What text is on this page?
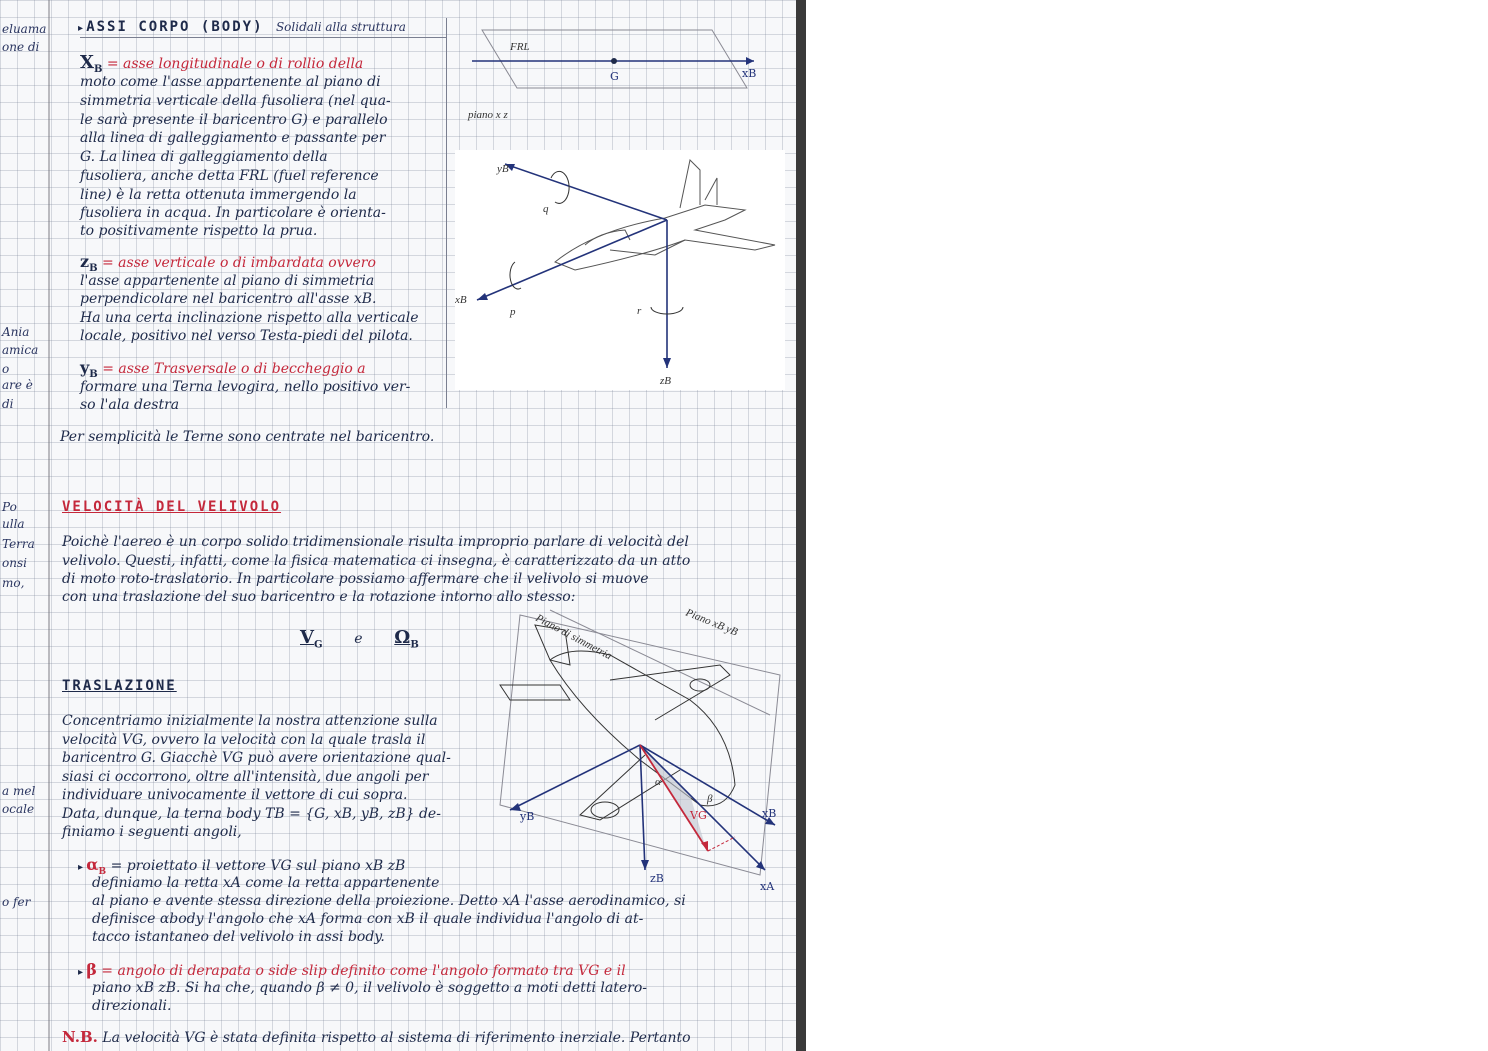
eluama
one di
Ania
amica
o
are è
di
Po
ulla
Terra
onsi
mo,
a mel
ocale
o fer
▸ ASSI CORPO (BODY) Solidali alla struttura
$X_B$ = asse longitudinale o di rollio della
moto come l'asse appartenente al piano di
simmetria verticale della fusoliera (nel qua-
le sarà presente il baricentro G) e parallelo
alla linea di galleggiamento e passante per
G. La linea di galleggiamento della
fusoliera, anche detta FRL (fuel reference
line) è la retta ottenuta immergendo la
fusoliera in acqua. In particolare è orienta-
to positivamente rispetto la prua.
$z_B$ = asse verticale o di imbardata ovvero
l'asse appartenente al piano di simmetria
perpendicolare nel baricentro all'asse xB.
Ha una certa inclinazione rispetto alla verticale
locale, positivo nel verso Testa-piedi del pilota.
$y_B$ = asse Trasversale o di beccheggio a
formare una Terna levogira, nello positivo ver-
so l'ala destra
Per semplicità le Terne sono centrate nel baricentro.
FRL
G	xB
piano x z
yB
q
xB
p	r
zB
VELOCITÀ DEL VELIVOLO
Poichè l'aereo è un corpo solido tridimensionale risulta improprio parlare di velocità del
velivolo. Questi, infatti, come la fisica matematica ci insegna, è caratterizzato da un atto
di moto roto-traslatorio. In particolare possiamo affermare che il velivolo si muove
con una traslazione del suo baricentro e la rotazione intorno allo stesso:
$V_G$ e $\Omega_B$
VG
α
β
yB
zB
xB
xA
Piano di simmetria	Piano xB yB
TRASLAZIONE
Concentriamo inizialmente la nostra attenzione sulla
velocità VG, ovvero la velocità con la quale trasla il
baricentro G. Giacchè VG può avere orientazione qual-
siasi ci occorrono, oltre all'intensità, due angoli per
individuare univocamente il vettore di cui sopra.
Data, dunque, la terna body TB = {G, xB, yB, zB} de-
finiamo i seguenti angoli,
▸ $\alpha_B$ = proiettato il vettore VG sul piano xB zB
definiamo la retta xA come la retta appartenente
al piano e avente stessa direzione della proiezione. Detto xA l'asse aerodinamico, si
definisce αbody l'angolo che xA forma con xB il quale individua l'angolo di at-
tacco istantaneo del velivolo in assi body.
▸ β = angolo di derapata o side slip definito come l'angolo formato tra VG e il
piano xB zB. Si ha che, quando β ≠ 0, il velivolo è soggetto a moti detti latero-
direzionali.
N.B. La velocità VG è stata definita rispetto al sistema di riferimento inerziale. Pertanto
